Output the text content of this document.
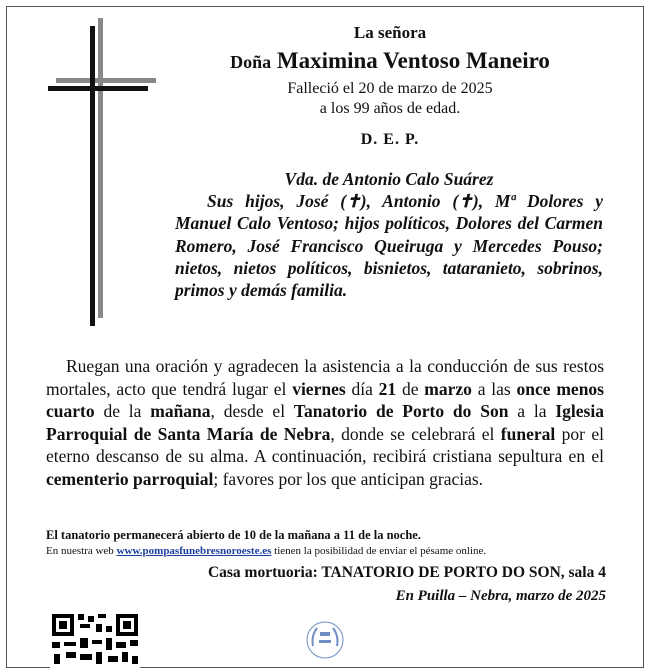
La señora
Doña Maximina Ventoso Maneiro
Falleció el 20 de marzo de 2025
a los 99 años de edad.
D. E. P.
Vda. de Antonio Calo Suárez
Sus hijos, José (✝), Antonio (✝), Mª Dolores y Manuel Calo Ventoso; hijos políticos, Dolores del Carmen Romero, José Francisco Queiruga y Mercedes Pouso; nietos, nietos políticos, bisnietos, tataranieto, sobrinos, primos y demás familia.
Ruegan una oración y agradecen la asistencia a la conducción de sus restos mortales, acto que tendrá lugar el viernes día 21 de marzo a las once menos cuarto de la mañana, desde el Tanatorio de Porto do Son a la Iglesia Parroquial de Santa María de Nebra, donde se celebrará el funeral por el eterno descanso de su alma. A continuación, recibirá cristiana sepultura en el cementerio parroquial; favores por los que anticipan gracias.
El tanatorio permanecerá abierto de 10 de la mañana a 11 de la noche.
En nuestra web www.pompasfunebresnoroeste.es tienen la posibilidad de enviar el pésame online.
Casa mortuoria: TANATORIO DE PORTO DO SON, sala 4
En Puilla – Nebra, marzo de 2025
